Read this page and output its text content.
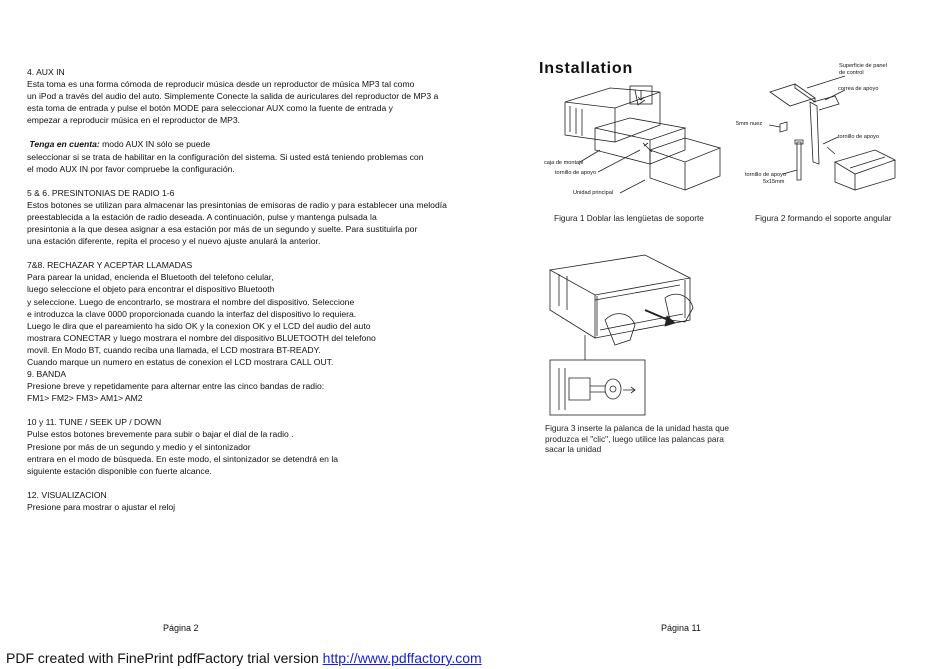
4. AUX IN

Esta toma es una forma cómoda de reproducir música desde un reproductor de música MP3 tal como

un iPod a través del audio del auto. Simplemente Conecte la salida de auriculares del reproductor de MP3 a

esta toma de entrada y pulse el botón MODE para seleccionar AUX como la fuente de entrada y

empezar a reproducir música en el reproductor de MP3.

Tenga en cuenta: modo AUX IN sólo se puede

seleccionar si se trata de habilitar en la configuración del sistema. Si usted está teniendo problemas con

el modo AUX IN por favor compruebe la configuración.

5 & 6. PRESINTONIAS DE RADIO 1-6

Estos botones se utilizan para almacenar las presintonias de emisoras de radio y para establecer una melodía

preestablecida a la estación de radio deseada. A continuación, pulse y mantenga pulsada la

presintonia a la que desea asignar a esa estación por más de un segundo y suelte. Para sustituirla por

una estación diferente, repita el proceso y el nuevo ajuste anulará la anterior.

7&8. RECHAZAR Y ACEPTAR LLAMADAS

Para parear la unidad, encienda el Bluetooth del telefono celular,

luego seleccione el objeto para encontrar el dispositivo Bluetooth

y seleccione. Luego de encontrarlo, se mostrara el nombre del dispositivo. Seleccione

e introduzca la clave 0000 proporcionada cuando la interfaz del dispositivo lo requiera.

Luego le dira que el pareamiento ha sido OK y la conexion OK y el LCD del audio del auto

mostrara CONECTAR y luego mostrara el nombre del dispositivo BLUETOOTH del telefono

movil. En Modo BT, cuando reciba una llamada, el LCD mostrara BT-READY.

Cuando marque un numero en estatus de conexion el LCD mostrara CALL OUT.

9. BANDA

Presione breve y repetidamente para alternar entre las cinco bandas de radio:

FM1> FM2> FM3> AM1> AM2

10 y 11. TUNE / SEEK UP / DOWN

Pulse estos botones brevemente para subir o bajar el dial de la radio .

Presione por más de un segundo y medio y el sintonizador

entrara en el modo de búsqueda. En este modo, el sintonizador se detendrá en la

siguiente estación disponible con fuerte alcance.

12. VISUALIZACION

Presione para mostrar o ajustar el reloj

Página 2
Installation
caja de montaje
tornillo de apoyo
Unidad principal
Figura 1 Doblar las lengüetas de soporte
Superficie de panel
de control
correa de apoyo
5mm nuez
tornillo de apoyo
tornillo de apoyo
5x15mm
Figura 2 formando el soporte angular
Figura 3 inserte la palanca de la unidad hasta que
produzca el "clic", luego utilice las palancas para
sacar la unidad
Página 11
PDF created with FinePrint pdfFactory trial version http://www.pdffactory.com
